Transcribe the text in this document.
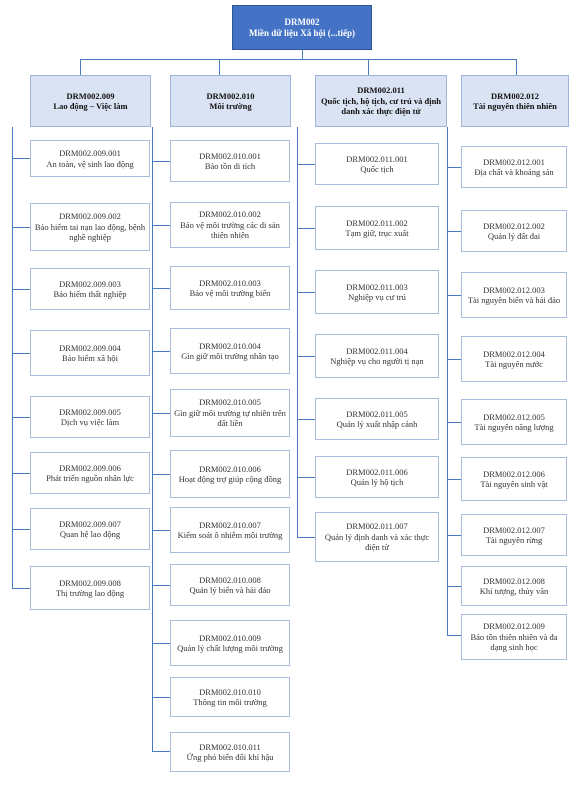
DRM002
Miền dữ liệu Xã hội (...tiếp)
DRM002.009
Lao động – Việc làm
DRM002.010
Môi trường
DRM002.011
Quốc tịch, hộ tịch, cư trú và định danh xác thực điện tử
DRM002.012
Tài nguyên thiên nhiên
DRM002.009.001
An toàn, vệ sinh lao động
DRM002.009.002
Bảo hiểm tai nạn lao động, bệnh nghề nghiệp
DRM002.009.003
Bảo hiểm thất nghiệp
DRM002.009.004
Bảo hiểm xã hội
DRM002.009.005
Dịch vụ việc làm
DRM002.009.006
Phát triển nguồn nhân lực
DRM002.009.007
Quan hệ lao động
DRM002.009.008
Thị trường lao động
DRM002.010.001
Bảo tồn di tích
DRM002.010.002
Bảo vệ môi trường các di sản thiên nhiên
DRM002.010.003
Bảo vệ môi trường biển
DRM002.010.004
Gìn giữ môi trường nhân tạo
DRM002.010.005
Gìn giữ môi trường tự nhiên trên đất liền
DRM002.010.006
Hoạt động trợ giúp cộng đồng
DRM002.010.007
Kiểm soát ô nhiễm môi trường
DRM002.010.008
Quản lý biển và hải đảo
DRM002.010.009
Quản lý chất lượng môi trường
DRM002.010.010
Thông tin môi trường
DRM002.010.011
Ứng phó biến đổi khí hậu
DRM002.011.001
Quốc tịch
DRM002.011.002
Tạm giữ, trục xuất
DRM002.011.003
Nghiệp vụ cư trú
DRM002.011.004
Nghiệp vụ cho người tị nạn
DRM002.011.005
Quản lý xuất nhập cảnh
DRM002.011.006
Quản lý hộ tịch
DRM002.011.007
Quản lý định danh và xác thực điện tử
DRM002.012.001
Địa chất và khoáng sản
DRM002.012.002
Quản lý đất đai
DRM002.012.003
Tài nguyên biển và hải đảo
DRM002.012.004
Tài nguyên nước
DRM002.012.005
Tài nguyên năng lượng
DRM002.012.006
Tài nguyên sinh vật
DRM002.012.007
Tài nguyên rừng
DRM002.012.008
Khí tượng, thủy văn
DRM002.012.009
Bảo tồn thiên nhiên và đa dạng sinh học
